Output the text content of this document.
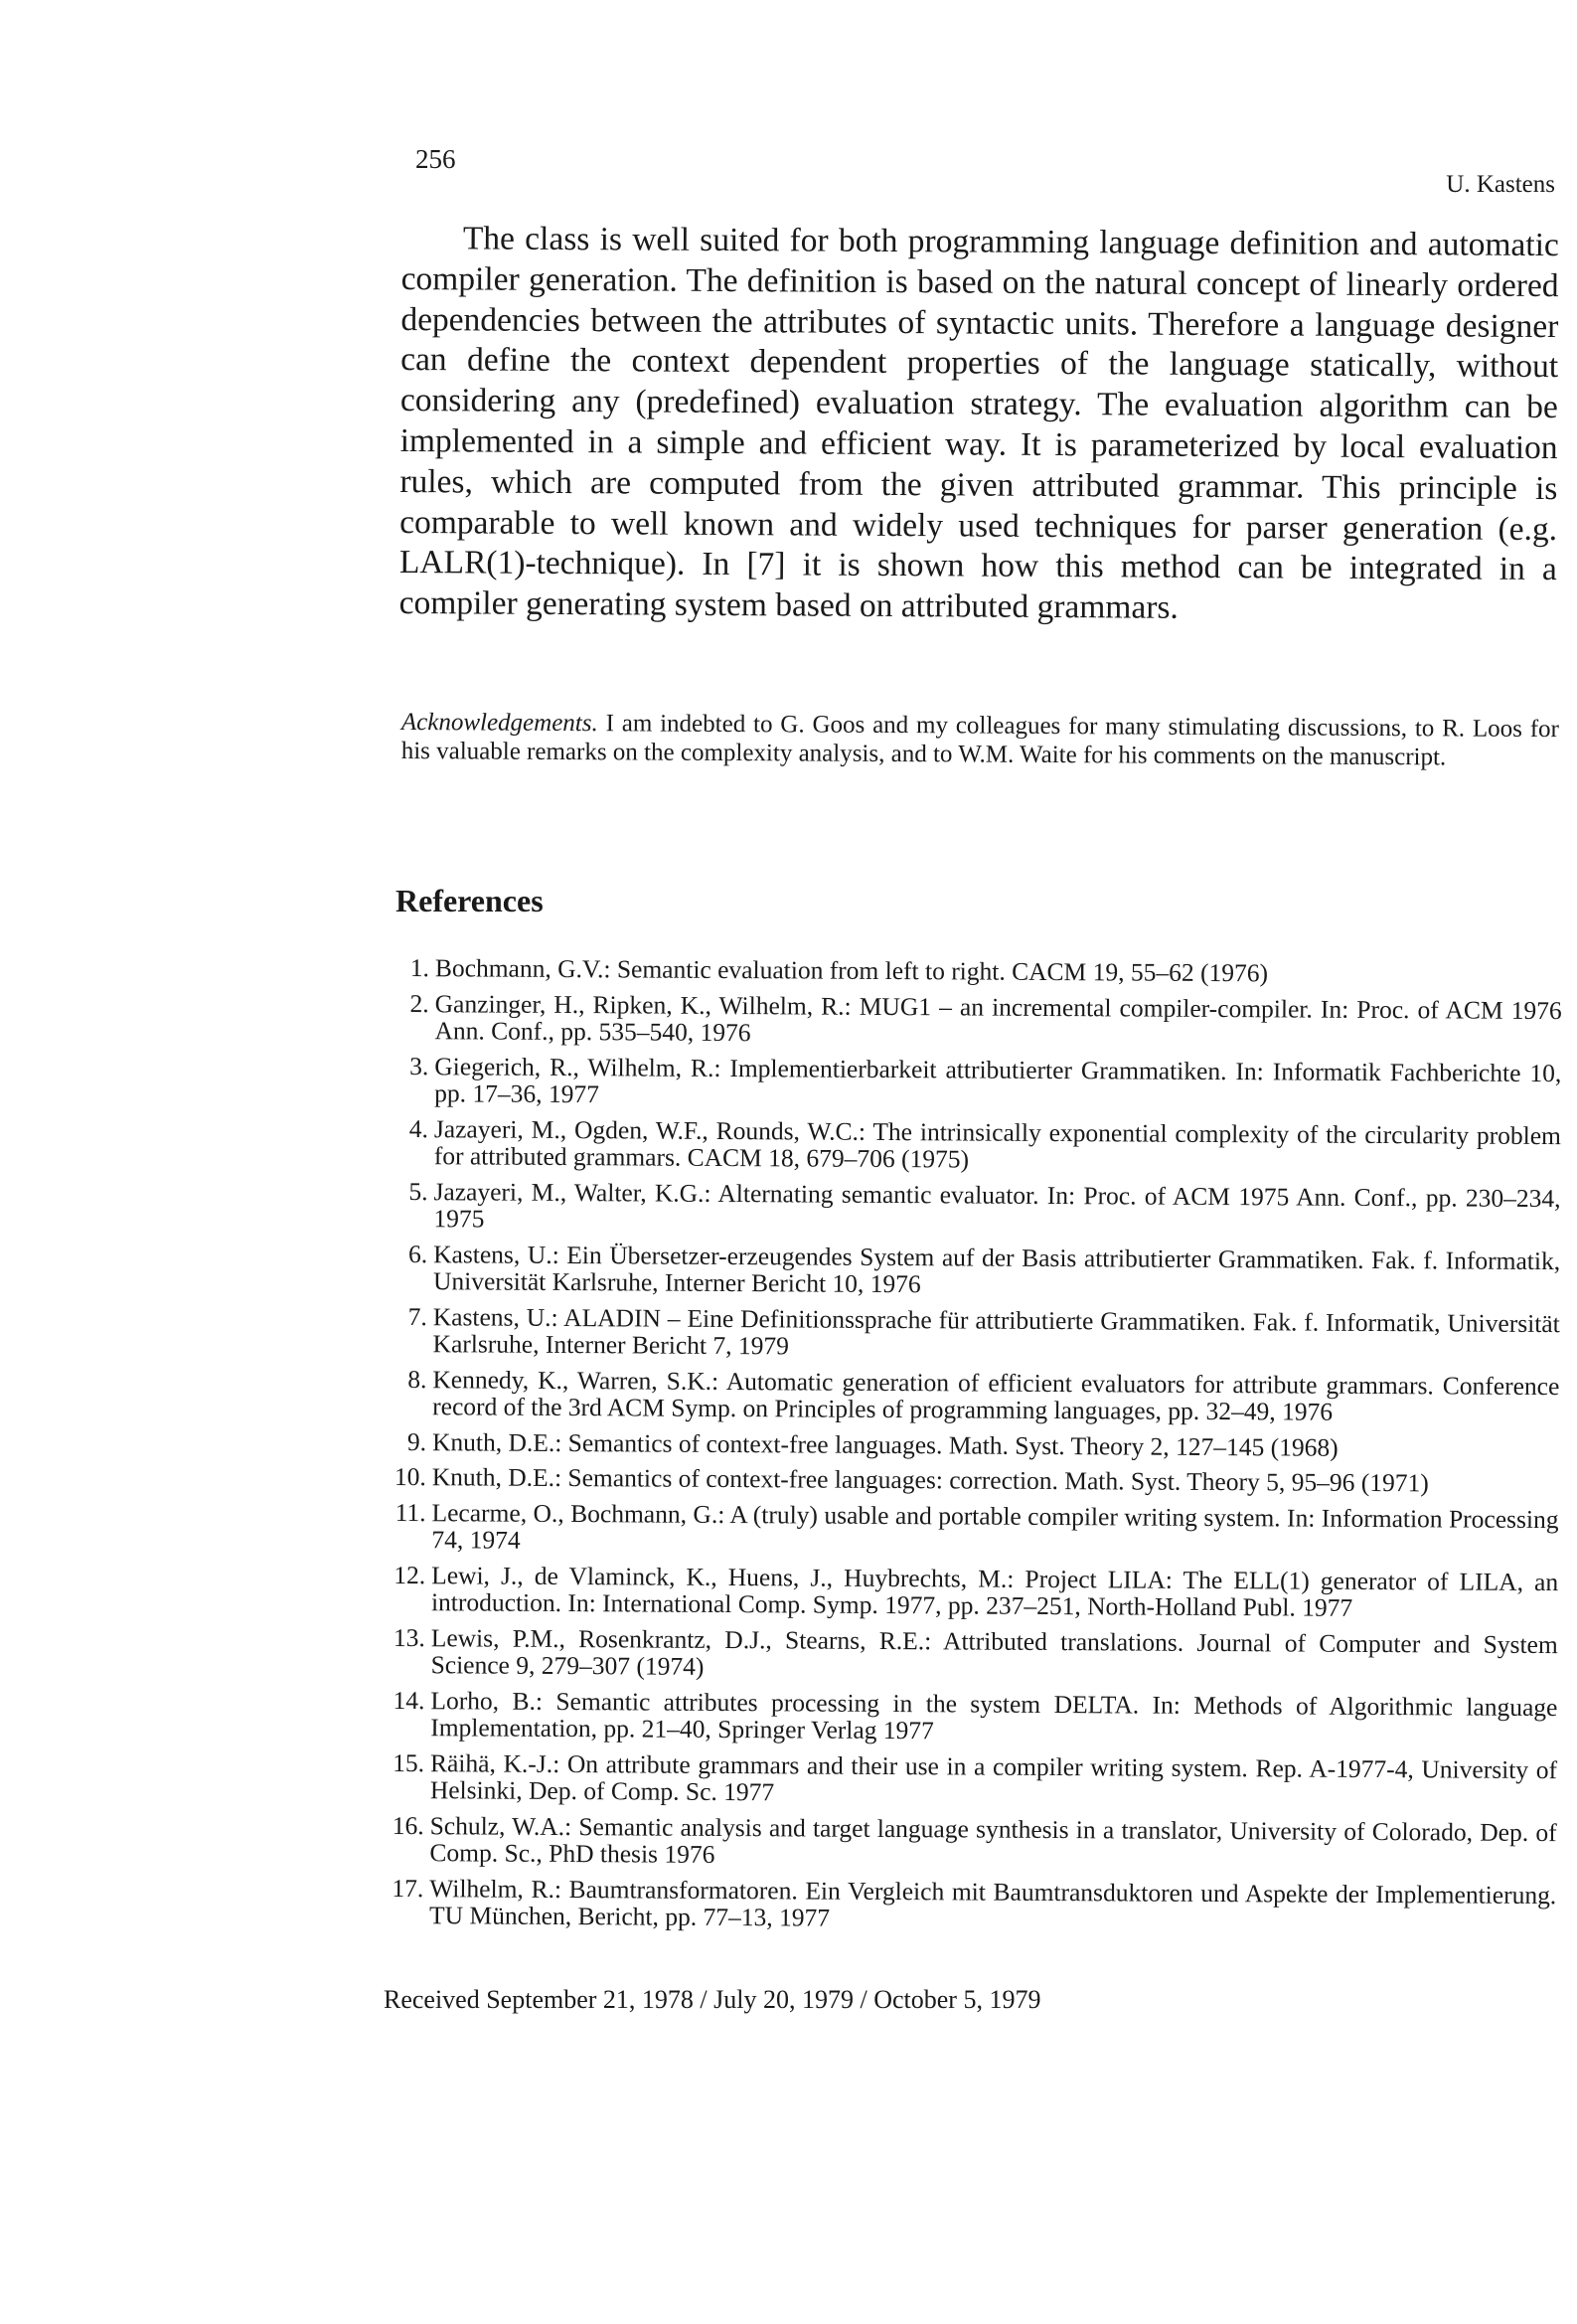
256
U. Kastens

The class is well suited for both programming language definition and automatic compiler generation. The definition is based on the natural concept of linearly ordered dependencies between the attributes of syntactic units. Therefore a language designer can define the context dependent properties of the language statically, without considering any (predefined) evaluation strategy. The evaluation algorithm can be implemented in a simple and efficient way. It is parameterized by local evaluation rules, which are computed from the given attributed grammar. This principle is comparable to well known and widely used techniques for parser generation (e.g. LALR(1)-technique). In [7] it is shown how this method can be integrated in a compiler generating system based on attributed grammars.

Acknowledgements. I am indebted to G. Goos and my colleagues for many stimulating discussions, to R. Loos for his valuable remarks on the complexity analysis, and to W.M. Waite for his comments on the manuscript.

References
1. Bochmann, G.V.: Semantic evaluation from left to right. CACM 19, 55–62 (1976)
2. Ganzinger, H., Ripken, K., Wilhelm, R.: MUG1 – an incremental compiler-compiler. In: Proc. of ACM 1976 Ann. Conf., pp. 535–540, 1976
3. Giegerich, R., Wilhelm, R.: Implementierbarkeit attributierter Grammatiken. In: Informatik Fachberichte 10, pp. 17–36, 1977
4. Jazayeri, M., Ogden, W.F., Rounds, W.C.: The intrinsically exponential complexity of the circularity problem for attributed grammars. CACM 18, 679–706 (1975)
5. Jazayeri, M., Walter, K.G.: Alternating semantic evaluator. In: Proc. of ACM 1975 Ann. Conf., pp. 230–234, 1975
6. Kastens, U.: Ein Übersetzer-erzeugendes System auf der Basis attributierter Grammatiken. Fak. f. Informatik, Universität Karlsruhe, Interner Bericht 10, 1976
7. Kastens, U.: ALADIN – Eine Definitionssprache für attributierte Grammatiken. Fak. f. Informatik, Universität Karlsruhe, Interner Bericht 7, 1979
8. Kennedy, K., Warren, S.K.: Automatic generation of efficient evaluators for attribute grammars. Conference record of the 3rd ACM Symp. on Principles of programming languages, pp. 32–49, 1976
9. Knuth, D.E.: Semantics of context-free languages. Math. Syst. Theory 2, 127–145 (1968)
10. Knuth, D.E.: Semantics of context-free languages: correction. Math. Syst. Theory 5, 95–96 (1971)
11. Lecarme, O., Bochmann, G.: A (truly) usable and portable compiler writing system. In: Information Processing 74, 1974
12. Lewi, J., de Vlaminck, K., Huens, J., Huybrechts, M.: Project LILA: The ELL(1) generator of LILA, an introduction. In: International Comp. Symp. 1977, pp. 237–251, North-Holland Publ. 1977
13. Lewis, P.M., Rosenkrantz, D.J., Stearns, R.E.: Attributed translations. Journal of Computer and System Science 9, 279–307 (1974)
14. Lorho, B.: Semantic attributes processing in the system DELTA. In: Methods of Algorithmic language Implementation, pp. 21–40, Springer Verlag 1977
15. Räihä, K.-J.: On attribute grammars and their use in a compiler writing system. Rep. A-1977-4, University of Helsinki, Dep. of Comp. Sc. 1977
16. Schulz, W.A.: Semantic analysis and target language synthesis in a translator, University of Colorado, Dep. of Comp. Sc., PhD thesis 1976
17. Wilhelm, R.: Baumtransformatoren. Ein Vergleich mit Baumtransduktoren und Aspekte der Implementierung. TU München, Bericht, pp. 77–13, 1977
Received September 21, 1978 / July 20, 1979 / October 5, 1979
